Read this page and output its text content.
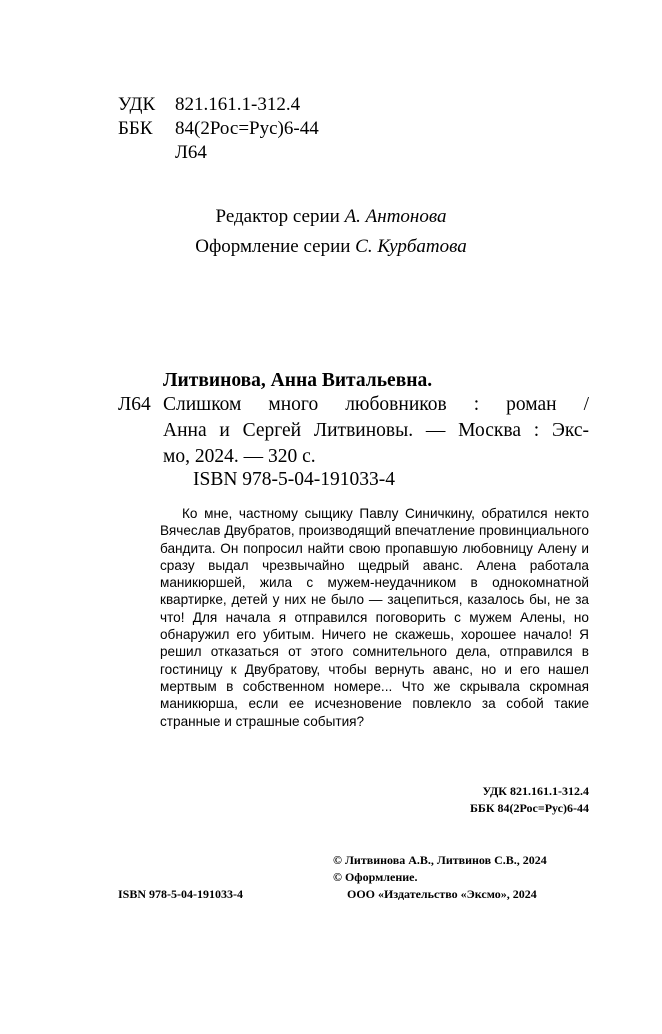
УДК 821.161.1-312.4
ББК 84(2Рос=Рус)6-44
Л64
Редактор серии А. Антонова
Оформление серии С. Курбатова
Литвинова, Анна Витальевна.
Л64 Слишком много любовников : роман /
Анна и Сергей Литвиновы. — Москва : Экс-
мо, 2024. — 320 с.
ISBN 978-5-04-191033-4

Ко мне, частному сыщику Павлу Синичкину, обратился некто Вячеслав Двубратов, производящий впечатление провинциального бандита. Он попросил найти свою пропавшую любовницу Алену и сразу выдал чрезвычайно щедрый аванс. Алена работала маникюршей, жила с мужем-неудачником в однокомнатной квартирке, детей у них не было — зацепиться, казалось бы, не за что! Для начала я отправился поговорить с мужем Алены, но обнаружил его убитым. Ничего не скажешь, хорошее начало! Я решил отказаться от этого сомнительного дела, отправился в гостиницу к Двубратову, чтобы вернуть аванс, но и его нашел мертвым в собственном номере... Что же скрывала скромная маникюрша, если ее исчезновение повлекло за собой такие странные и страшные события?

УДК 821.161.1-312.4
ББК 84(2Рос=Рус)6-44
© Литвинова А.В., Литвинов С.В., 2024
© Оформление.
ООО «Издательство «Эксмо», 2024
ISBN 978-5-04-191033-4
